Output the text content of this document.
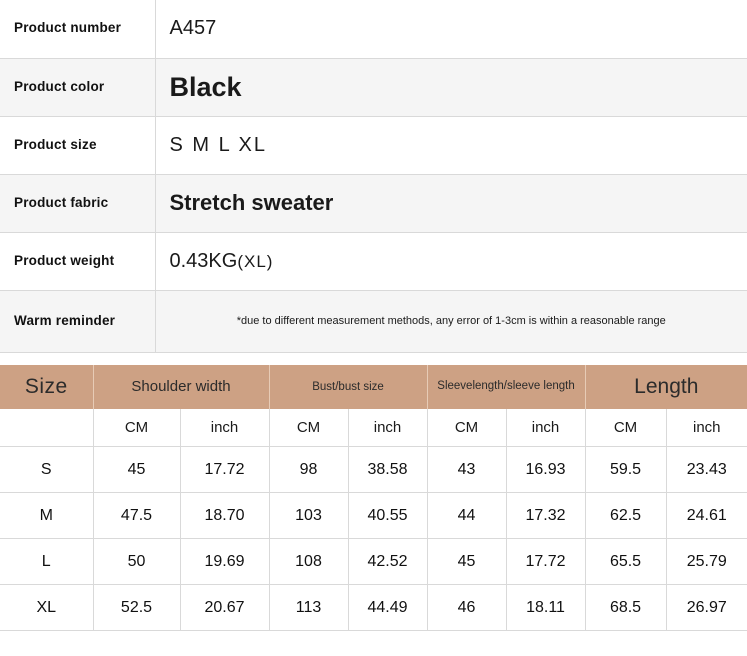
Product number	A457
Product color	Black
Product size	S M L XL
Product fabric	Stretch sweater
Product weight	0.43KG(XL)
Warm reminder	*due to different measurement methods, any error of 1-3cm is within a reasonable range
Size	Shoulder width		Bust/bust size		Sleevelength/sleeve length		Length	
	CM	inch	CM	inch	CM	inch	CM	inch
S	45	17.72	98	38.58	43	16.93	59.5	23.43
M	47.5	18.70	103	40.55	44	17.32	62.5	24.61
L	50	19.69	108	42.52	45	17.72	65.5	25.79
XL	52.5	20.67	113	44.49	46	18.11	68.5	26.97
